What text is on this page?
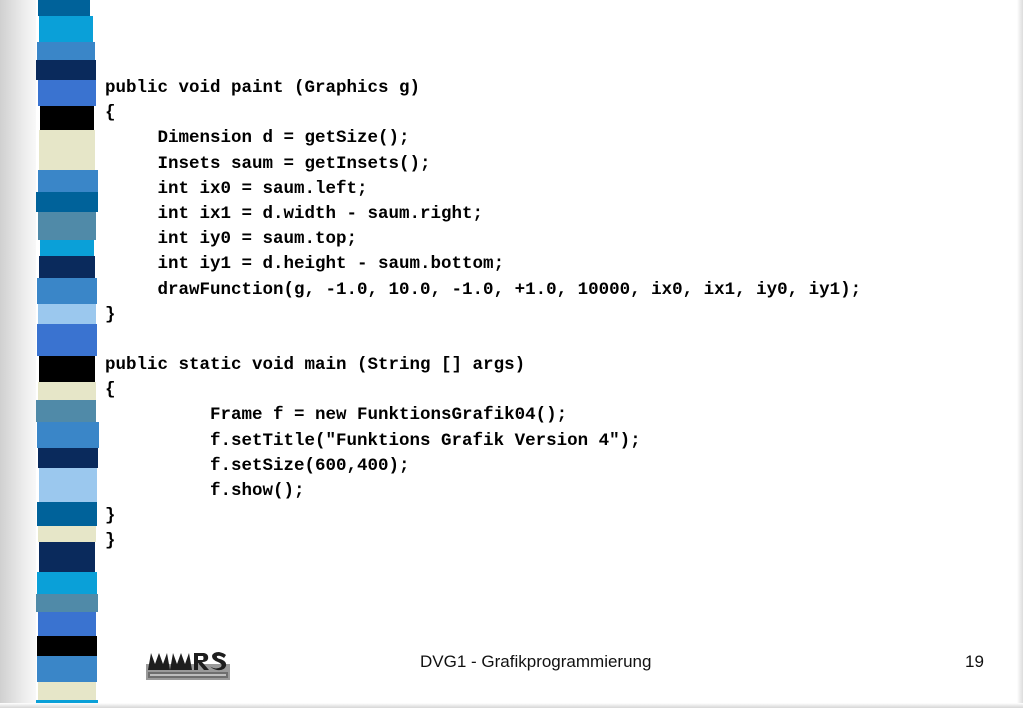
public void paint (Graphics g)
{
Dimension d = getSize();
Insets saum = getInsets();
int ix0 = saum.left;
int ix1 = d.width - saum.right;
int iy0 = saum.top;
int iy1 = d.height - saum.bottom;
drawFunction(g, -1.0, 10.0, -1.0, +1.0, 10000, ix0, ix1, iy0, iy1);
}
public static void main (String [] args)
{
Frame f = new FunktionsGrafik04();
f.setTitle("Funktions Grafik Version 4");
f.setSize(600,400);
f.show();
}
}
DVG1 - Grafikprogrammierung	19
